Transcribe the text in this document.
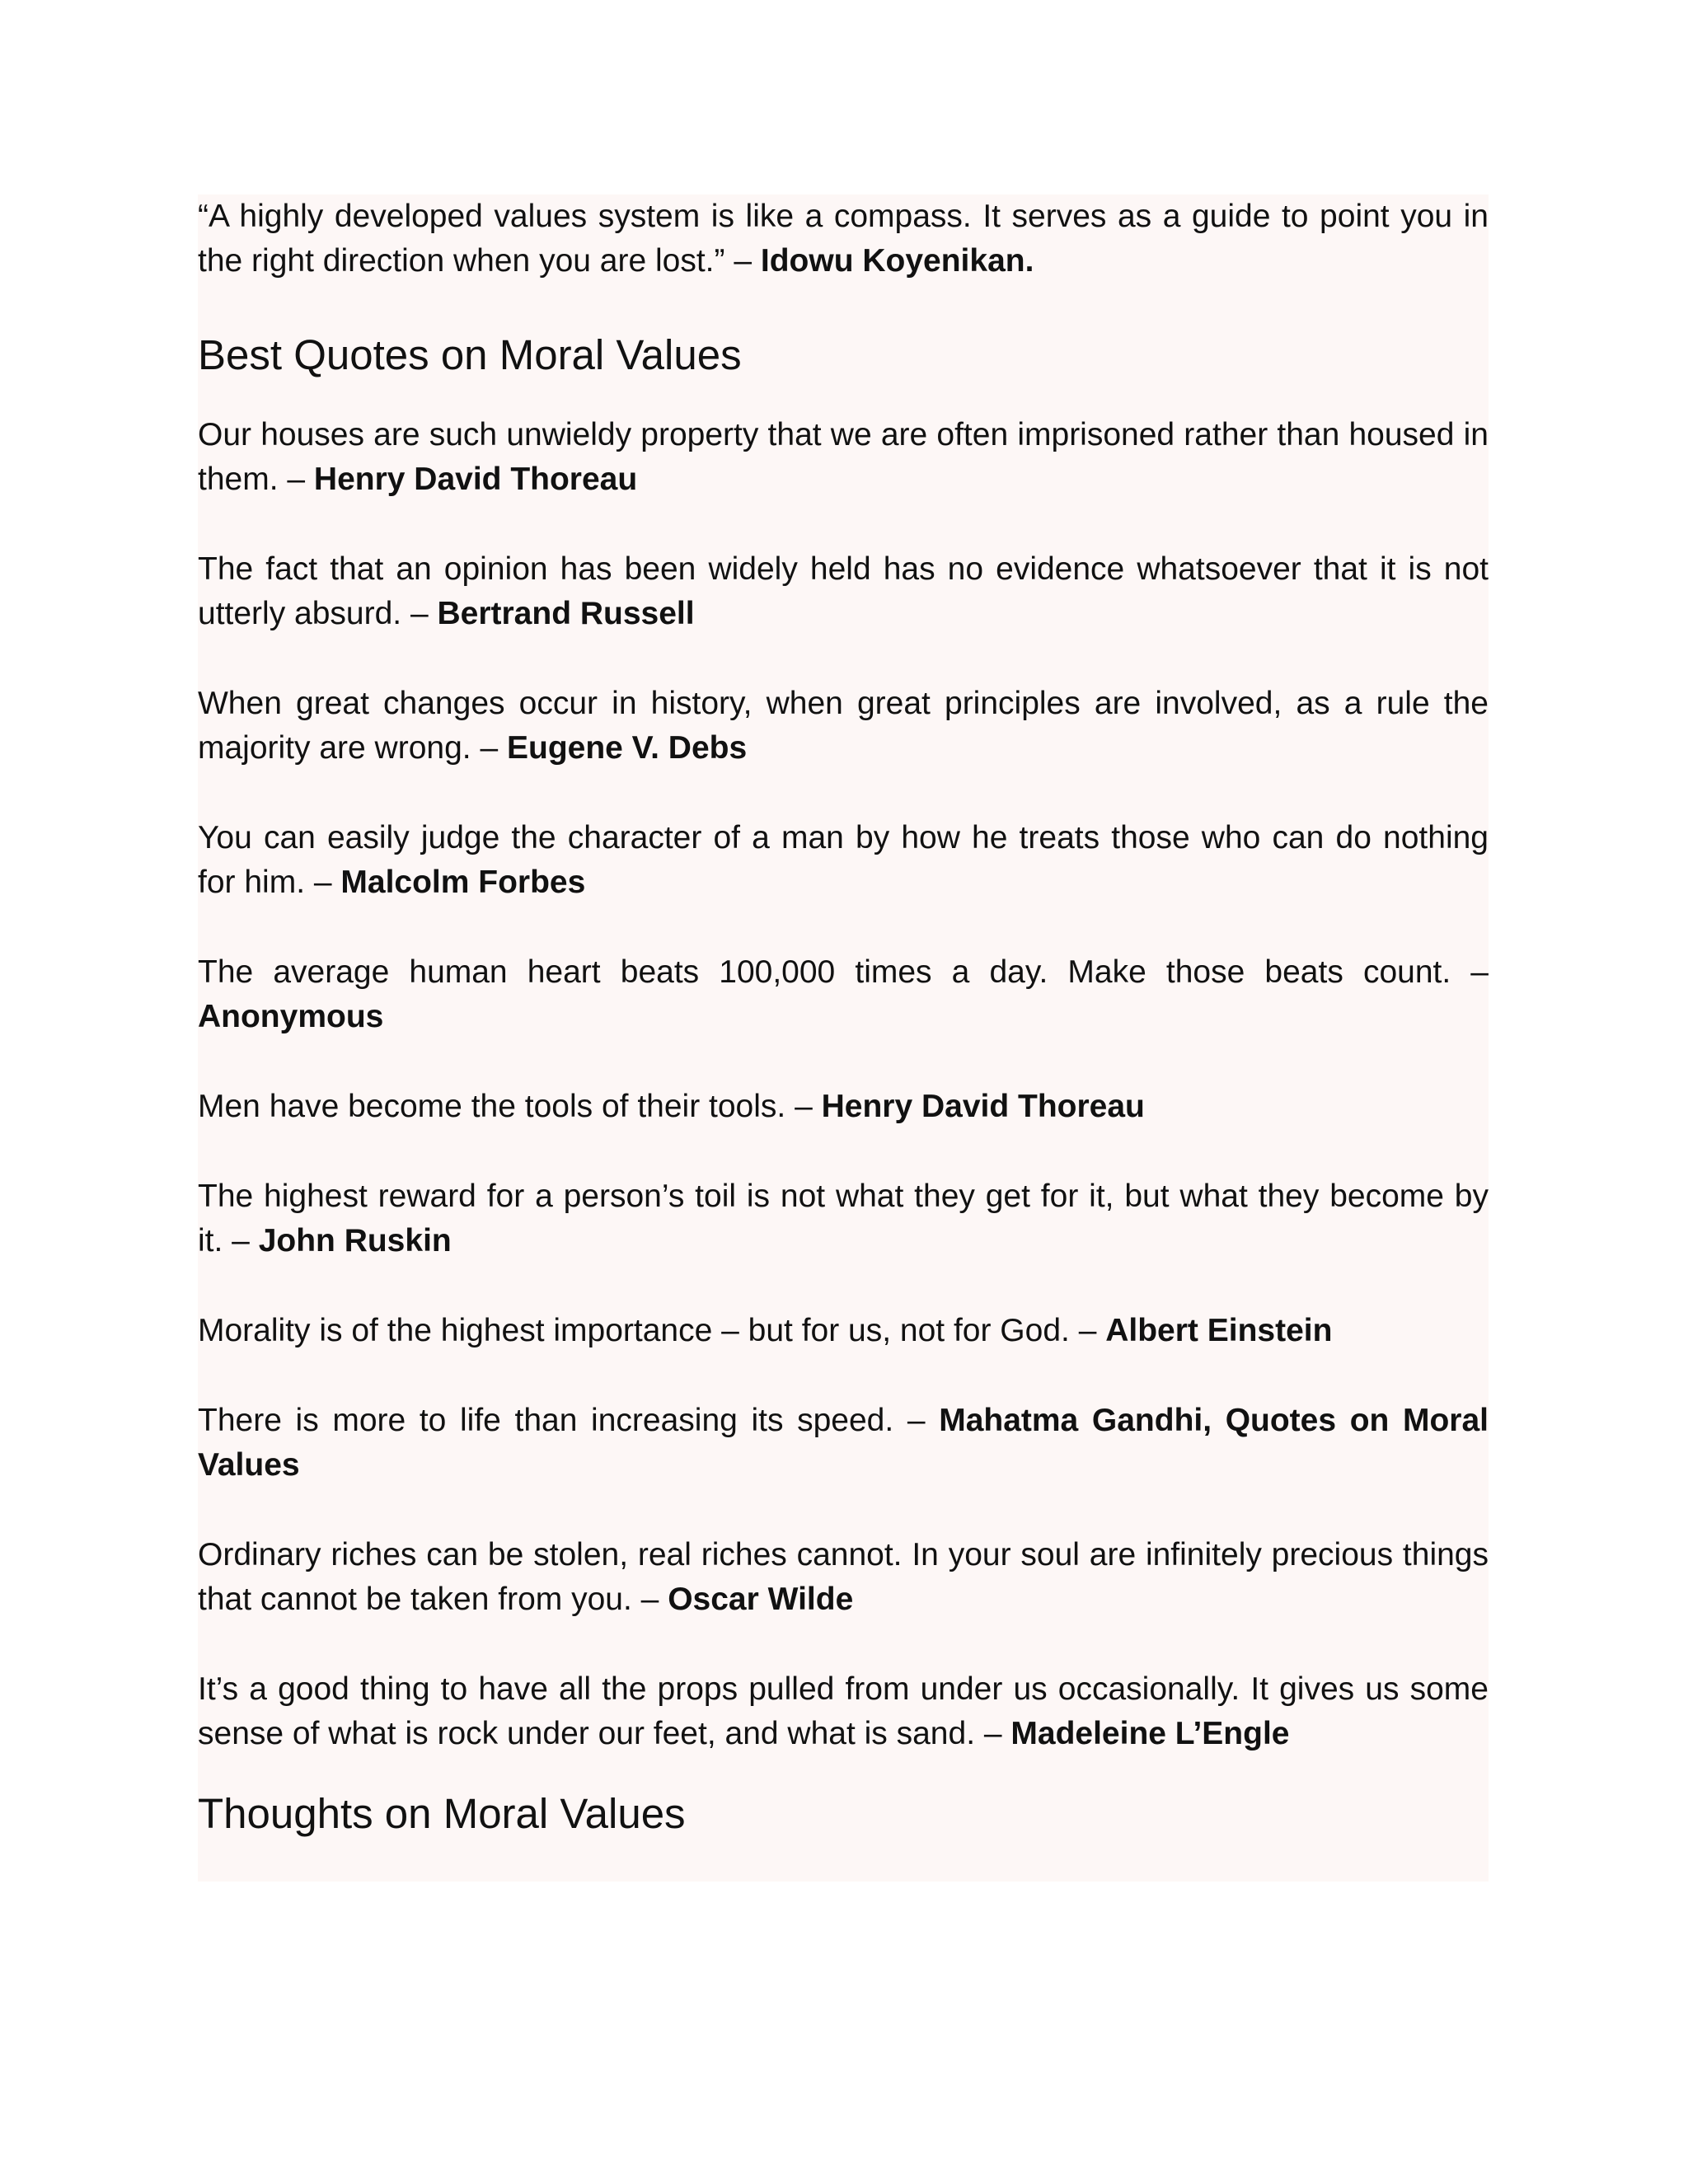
“A highly developed values system is like a compass. It serves as a guide to point you in the right direction when you are lost.” – Idowu Koyenikan.

Best Quotes on Moral Values

Our houses are such unwieldy property that we are often imprisoned rather than housed in them. – Henry David Thoreau

The fact that an opinion has been widely held has no evidence whatsoever that it is not utterly absurd. – Bertrand Russell

When great changes occur in history, when great principles are involved, as a rule the majority are wrong. – Eugene V. Debs

You can easily judge the character of a man by how he treats those who can do nothing for him. – Malcolm Forbes

The average human heart beats 100,000 times a day. Make those beats count. – Anonymous

Men have become the tools of their tools. – Henry David Thoreau

The highest reward for a person’s toil is not what they get for it, but what they become by it. – John Ruskin

Morality is of the highest importance – but for us, not for God. – Albert Einstein

There is more to life than increasing its speed. – Mahatma Gandhi, Quotes on Moral Values

Ordinary riches can be stolen, real riches cannot. In your soul are infinitely precious things that cannot be taken from you. – Oscar Wilde

It’s a good thing to have all the props pulled from under us occasionally. It gives us some sense of what is rock under our feet, and what is sand. – Madeleine L’Engle

Thoughts on Moral Values
